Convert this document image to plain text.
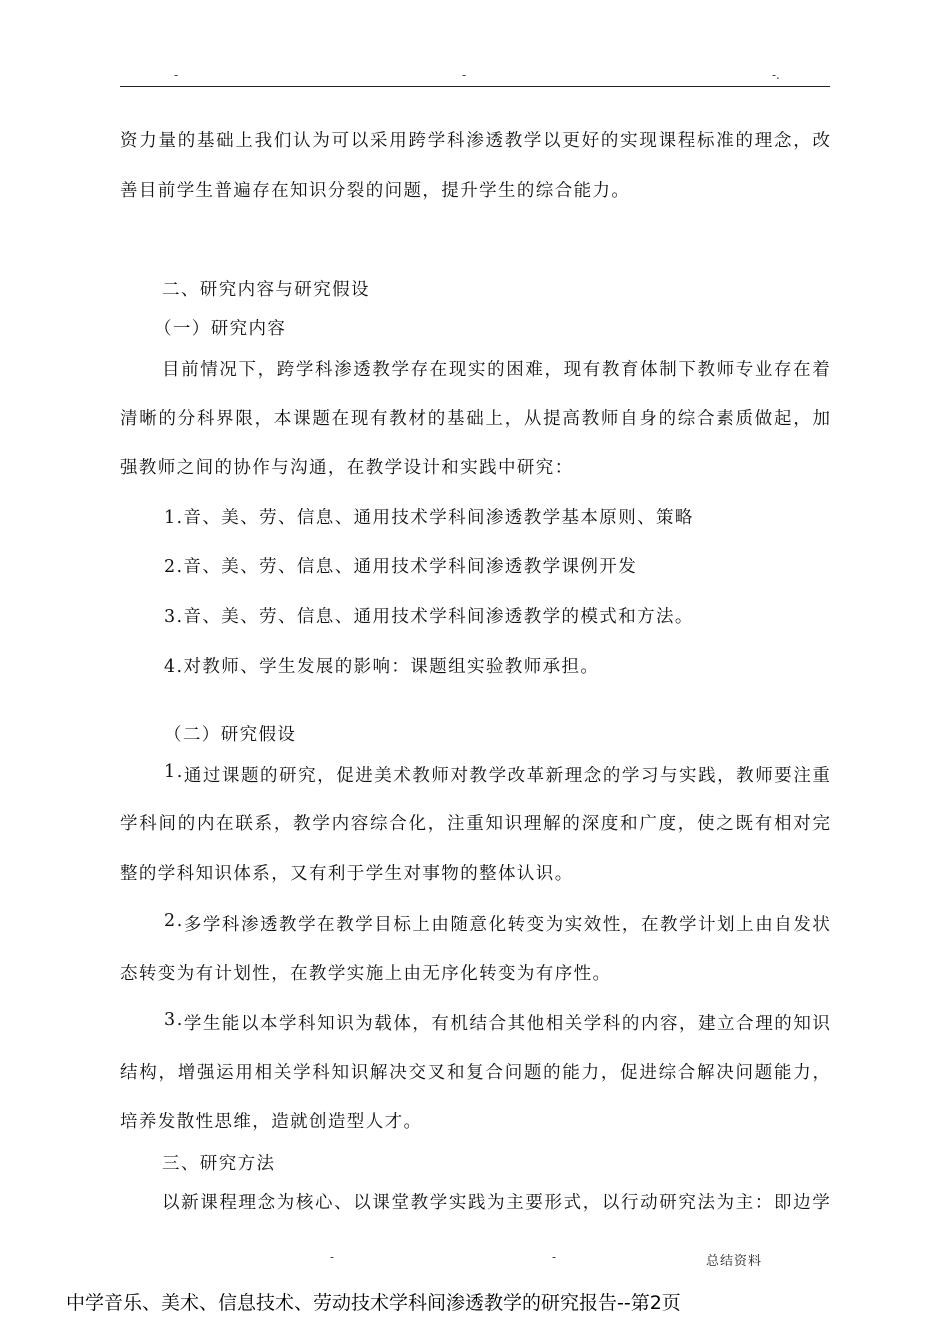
-	-	-.
资 力 量 的 基 础 上 我 们 认 为 可 以 采 用 跨 学 科 渗 透 教 学 以 更 好 的 实 现 课 程 标 准 的 理 念 ， 改
善目前学生普遍存在知识分裂的问题，提升学生的综合能力。
二、研究内容与研究假设
（一）研究内容
目 前 情 况 下 ， 跨 学 科 渗 透 教 学 存 在 现 实 的 困 难 ， 现 有 教 育 体 制 下 教 师 专 业 存 在 着
清 晰 的 分 科 界 限 ， 本 课 题 在 现 有 教 材 的 基 础 上 ， 从 提 高 教 师 自 身 的 综 合 素 质 做 起 ， 加
强教师之间的协作与沟通，在教学设计和实践中研究：
1.音、美、劳、信息、通用技术学科间渗透教学基本原则、策略
2.音、美、劳、信息、通用技术学科间渗透教学课例开发
3.音、美、劳、信息、通用技术学科间渗透教学的模式和方法。
4.对教师、学生发展的影响：课题组实验教师承担。
（二）研究假设
1 . 通 过 课 题 的 研 究 ， 促 进 美 术 教 师 对 教 学 改 革 新 理 念 的 学 习 与 实 践 ， 教 师 要 注 重
学 科 间 的 内 在 联 系 ， 教 学 内 容 综 合 化 ， 注 重 知 识 理 解 的 深 度 和 广 度 ， 使 之 既 有 相 对 完
整的学科知识体系，又有利于学生对事物的整体认识。
2 . 多 学 科 渗 透 教 学 在 教 学 目 标 上 由 随 意 化 转 变 为 实 效 性 ， 在 教 学 计 划 上 由 自 发 状
态转变为有计划性，在教学实施上由无序化转变为有序性。
3 . 学 生 能 以 本 学 科 知 识 为 载 体 ， 有 机 结 合 其 他 相 关 学 科 的 内 容 ， 建 立 合 理 的 知 识
结 构 ， 增 强 运 用 相 关 学 科 知 识 解 决 交 叉 和 复 合 问 题 的 能 力 ， 促 进 综 合 解 决 问 题 能 力 ，
培养发散性思维，造就创造型人才。
三、研究方法
以 新 课 程 理 念 为 核 心 、 以 课 堂 教 学 实 践 为 主 要 形 式 ， 以 行 动 研 究 法 为 主 ： 即 边 学
-	-	总结资料
中学音乐、美术、信息技术、劳动技术学科间渗透教学的研究报告--第2页
